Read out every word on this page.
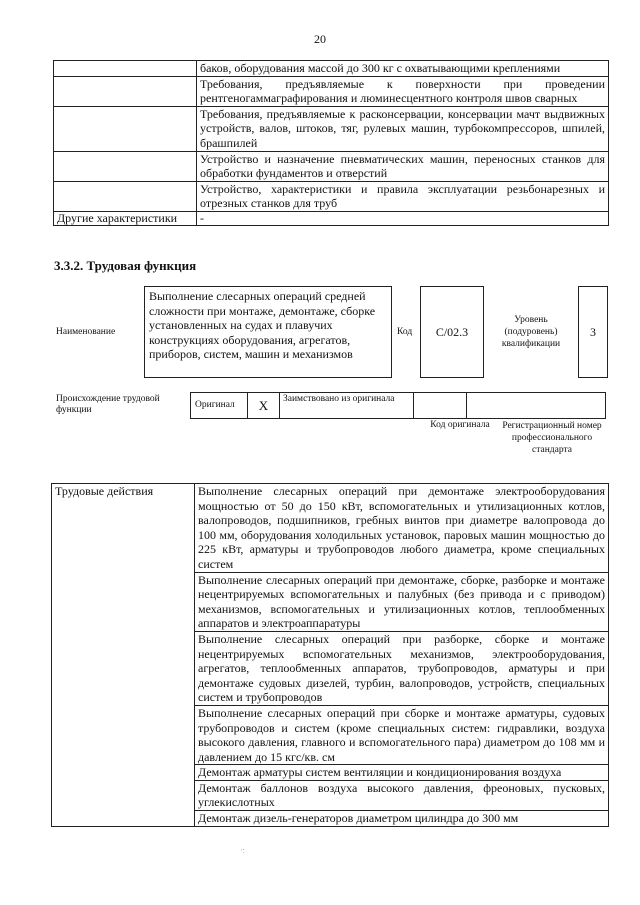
20
	баков, оборудования массой до 300 кг с охватывающими креплениями
	Требования, предъявляемые к поверхности при проведении рентгеногаммаграфирования и люминесцентного контроля швов сварных
	Требования, предъявляемые к расконсервации, консервации мачт выдвижных устройств, валов, штоков, тяг, рулевых машин, турбокомпрессоров, шпилей, брашпилей
	Устройство и назначение пневматических машин, переносных станков для обработки фундаментов и отверстий
	Устройство, характеристики и правила эксплуатации резьбонарезных и отрезных станков для труб
Другие характеристики	-
3.3.2. Трудовая функция
Наименование
Выполнение слесарных операций средней сложности при монтаже, демонтаже, сборке установленных на судах и плавучих конструкциях оборудования, агрегатов, приборов, систем, машин и механизмов
Код С/02.3
Уровень (подуровень) квалификации
3
Происхождение трудовой функции	Оригинал	X	Заимствовано из оригинала
Код оригинала	Регистрационный номер профессионального стандарта
Трудовые действия	Выполнение слесарных операций при демонтаже электрооборудования мощностью от 50 до 150 кВт, вспомогательных и утилизационных котлов, валопроводов, подшипников, гребных винтов при диаметре валопровода до 100 мм, оборудования холодильных установок, паровых машин мощностью до 225 кВт, арматуры и трубопроводов любого диаметра, кроме специальных систем
Выполнение слесарных операций при демонтаже, сборке, разборке и монтаже нецентрируемых вспомогательных и палубных (без привода и с приводом) механизмов, вспомогательных и утилизационных котлов, теплообменных аппаратов и электроаппаратуры
Выполнение слесарных операций при разборке, сборке и монтаже нецентрируемых вспомогательных механизмов, электрооборудования, агрегатов, теплообменных аппаратов, трубопроводов, арматуры и при демонтаже судовых дизелей, турбин, валопроводов, устройств, специальных систем и трубопроводов
Выполнение слесарных операций при сборке и монтаже арматуры, судовых трубопроводов и систем (кроме специальных систем: гидравлики, воздуха высокого давления, главного и вспомогательного пара) диаметром до 108 мм и давлением до 15 кгс/кв. см
Демонтаж арматуры систем вентиляции и кондиционирования воздуха
Демонтаж баллонов воздуха высокого давления, фреоновых, пусковых, углекислотных
Демонтаж дизель-генераторов диаметром цилиндра до 300 мм
·:
